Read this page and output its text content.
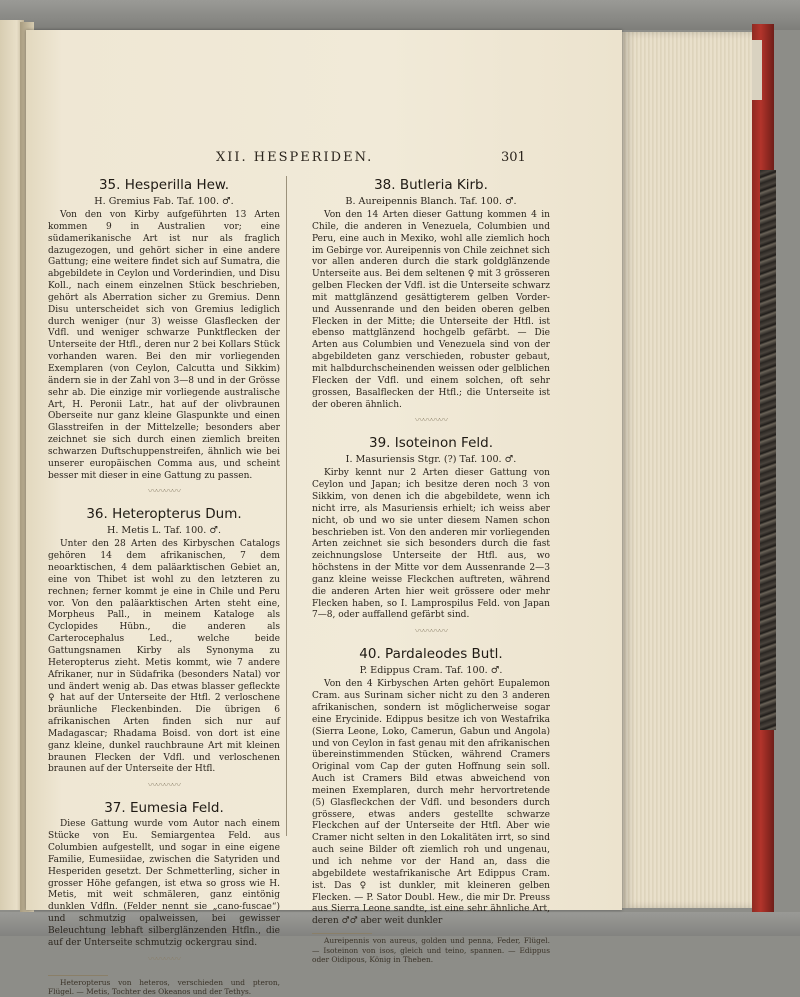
XII. HESPERIDEN.	301
35. Hesperilla Hew.
H. Gremius Fab. Taf. 100. ♂.

Von den von Kirby aufgeführten 13 Arten kommen 9 in Australien vor; eine südamerikanische Art ist nur als fraglich dazugezogen, und gehört sicher in eine andere Gattung; eine weitere findet sich auf Sumatra, die abgebildete in Ceylon und Vorderindien, und Disu Koll., nach einem einzelnen Stück beschrieben, gehört als Aberration sicher zu Gremius. Denn Disu unterscheidet sich von Gremius lediglich durch weniger (nur 3) weisse Glasflecken der Vdfl. und weniger schwarze Punktflecken der Unterseite der Htfl., deren nur 2 bei Kollars Stück vorhanden waren. Bei den mir vorliegenden Exemplaren (von Ceylon, Calcutta und Sikkim) ändern sie in der Zahl von 3—8 und in der Grösse sehr ab. Die einzige mir vorliegende australische Art, H. Peronii Latr., hat auf der olivbraunen Oberseite nur ganz kleine Glaspunkte und einen Glasstreifen in der Mittelzelle; besonders aber zeichnet sie sich durch einen ziemlich breiten schwarzen Duftschuppenstreifen, ähnlich wie bei unserer europäischen Comma aus, und scheint besser mit dieser in eine Gattung zu passen.

〰〰〰〰
36. Heteropterus Dum.
H. Metis L. Taf. 100. ♂.

Unter den 28 Arten des Kirbyschen Catalogs gehören 14 dem afrikanischen, 7 dem neoarktischen, 4 dem paläarktischen Gebiet an, eine von Thibet ist wohl zu den letzteren zu rechnen; ferner kommt je eine in Chile und Peru vor. Von den paläarktischen Arten steht eine, Morpheus Pall., in meinem Kataloge als Cyclopides Hübn., die anderen als Carterocephalus Led., welche beide Gattungsnamen Kirby als Synonyma zu Heteropterus zieht. Metis kommt, wie 7 andere Afrikaner, nur in Südafrika (besonders Natal) vor und ändert wenig ab. Das etwas blasser gefleckte ♀ hat auf der Unterseite der Htfl. 2 verloschene bräunliche Fleckenbinden. Die übrigen 6 afrikanischen Arten finden sich nur auf Madagascar; Rhadama Boisd. von dort ist eine ganz kleine, dunkel rauchbraune Art mit kleinen braunen Flecken der Vdfl. und verloschenen braunen auf der Unterseite der Htfl.

〰〰〰〰
37. Eumesia Feld.

Diese Gattung wurde vom Autor nach einem Stücke von Eu. Semiargentea Feld. aus Columbien aufgestellt, und sogar in eine eigene Familie, Eumesiidae, zwischen die Satyriden und Hesperiden gesetzt. Der Schmetterling, sicher in grosser Höhe gefangen, ist etwa so gross wie H. Metis, mit weit schmäleren, ganz eintönig dunklen Vdfln. (Felder nennt sie „cano-fuscae“) und schmutzig opalweissen, bei gewisser Beleuchtung lebhaft silberglänzenden Htfln., die auf der Unterseite schmutzig ockergrau sind.

〰〰〰〰
Heteropterus von heteros, verschieden und pteron, Flügel. — Metis, Tochter des Okeanos und der Tethys.
38. Butleria Kirb.
B. Aureipennis Blanch. Taf. 100. ♂.

Von den 14 Arten dieser Gattung kommen 4 in Chile, die anderen in Venezuela, Columbien und Peru, eine auch in Mexiko, wohl alle ziemlich hoch im Gebirge vor. Aureipennis von Chile zeichnet sich vor allen anderen durch die stark goldglänzende Unterseite aus. Bei dem seltenen ♀ mit 3 grösseren gelben Flecken der Vdfl. ist die Unterseite schwarz mit mattglänzend gesättigterem gelben Vorder- und Aussenrande und den beiden oberen gelben Flecken in der Mitte; die Unterseite der Htfl. ist ebenso mattglänzend hochgelb gefärbt. — Die Arten aus Columbien und Venezuela sind von der abgebildeten ganz verschieden, robuster gebaut, mit halbdurchscheinenden weissen oder gelblichen Flecken der Vdfl. und einem solchen, oft sehr grossen, Basalflecken der Htfl.; die Unterseite ist der oberen ähnlich.

〰〰〰〰
39. Isoteinon Feld.
I. Masuriensis Stgr. (?) Taf. 100. ♂.

Kirby kennt nur 2 Arten dieser Gattung von Ceylon und Japan; ich besitze deren noch 3 von Sikkim, von denen ich die abgebildete, wenn ich nicht irre, als Masuriensis erhielt; ich weiss aber nicht, ob und wo sie unter diesem Namen schon beschrieben ist. Von den anderen mir vorliegenden Arten zeichnet sie sich besonders durch die fast zeichnungslose Unterseite der Htfl. aus, wo höchstens in der Mitte vor dem Aussenrande 2—3 ganz kleine weisse Fleckchen auftreten, während die anderen Arten hier weit grössere oder mehr Flecken haben, so I. Lamprospilus Feld. von Japan 7—8, oder auffallend gefärbt sind.

〰〰〰〰
40. Pardaleodes Butl.
P. Edippus Cram. Taf. 100. ♂.

Von den 4 Kirbyschen Arten gehört Eupalemon Cram. aus Surinam sicher nicht zu den 3 anderen afrikanischen, sondern ist möglicherweise sogar eine Erycinide. Edippus besitze ich von Westafrika (Sierra Leone, Loko, Camerun, Gabun und Angola) und von Ceylon in fast genau mit den afrikanischen übereinstimmenden Stücken, während Cramers Original vom Cap der guten Hoffnung sein soll. Auch ist Cramers Bild etwas abweichend von meinen Exemplaren, durch mehr hervortretende (5) Glasfleckchen der Vdfl. und besonders durch grössere, etwas anders gestellte schwarze Fleckchen auf der Unterseite der Htfl. Aber wie Cramer nicht selten in den Lokalitäten irrt, so sind auch seine Bilder oft ziemlich roh und ungenau, und ich nehme vor der Hand an, dass die abgebildete westafrikanische Art Edippus Cram. ist. Das ♀ ist dunkler, mit kleineren gelben Flecken. — P. Sator Doubl. Hew., die mir Dr. Preuss aus Sierra Leone sandte, ist eine sehr ähnliche Art, deren ♂♂ aber weit dunkler

Aureipennis von aureus, golden und penna, Feder, Flügel. — Isoteinon von isos, gleich und teino, spannen. — Edippus oder Oidipous, König in Theben.
